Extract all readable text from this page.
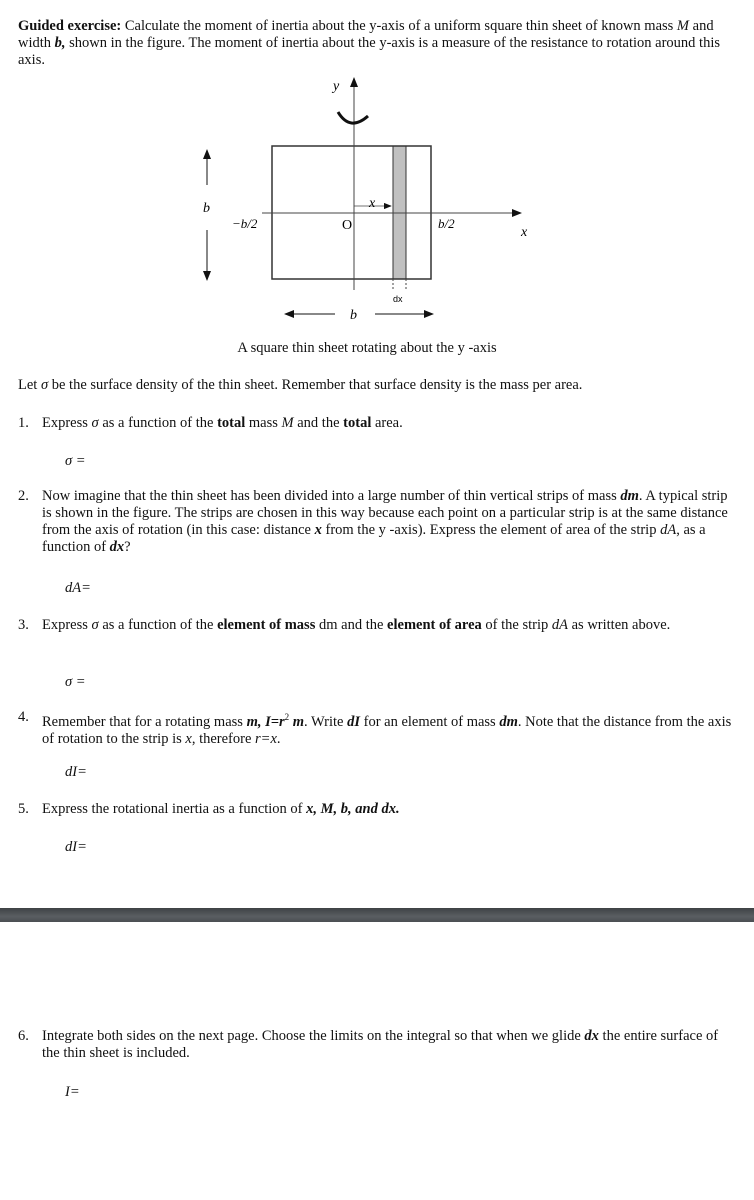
Guided exercise: Calculate the moment of inertia about the y-axis of a uniform square thin sheet of known mass M and width b, shown in the figure. The moment of inertia about the y-axis is a measure of the resistance to rotation around this axis.
y
x
x
O
−b/2	b/2
b
b
dx
A square thin sheet rotating about the y -axis
Let σ be the surface density of the thin sheet. Remember that surface density is the mass per area.
1. Express σ as a function of the total mass M and the total area.
σ =
2. Now imagine that the thin sheet has been divided into a large number of thin vertical strips of mass dm. A typical strip is shown in the figure. The strips are chosen in this way because each point on a particular strip is at the same distance from the axis of rotation (in this case: distance x from the y -axis). Express the element of area of the strip dA, as a function of dx?
dA=
3. Express σ as a function of the element of mass dm and the element of area of the strip dA as written above.
σ =
4. Remember that for a rotating mass m, $I=r^2$ m. Write dI for an element of mass dm. Note that the distance from the axis of rotation to the strip is x, therefore r=x.
dI=
5. Express the rotational inertia as a function of x, M, b, and dx.
dI=
6. Integrate both sides on the next page. Choose the limits on the integral so that when we glide dx the entire surface of the thin sheet is included.
I=
